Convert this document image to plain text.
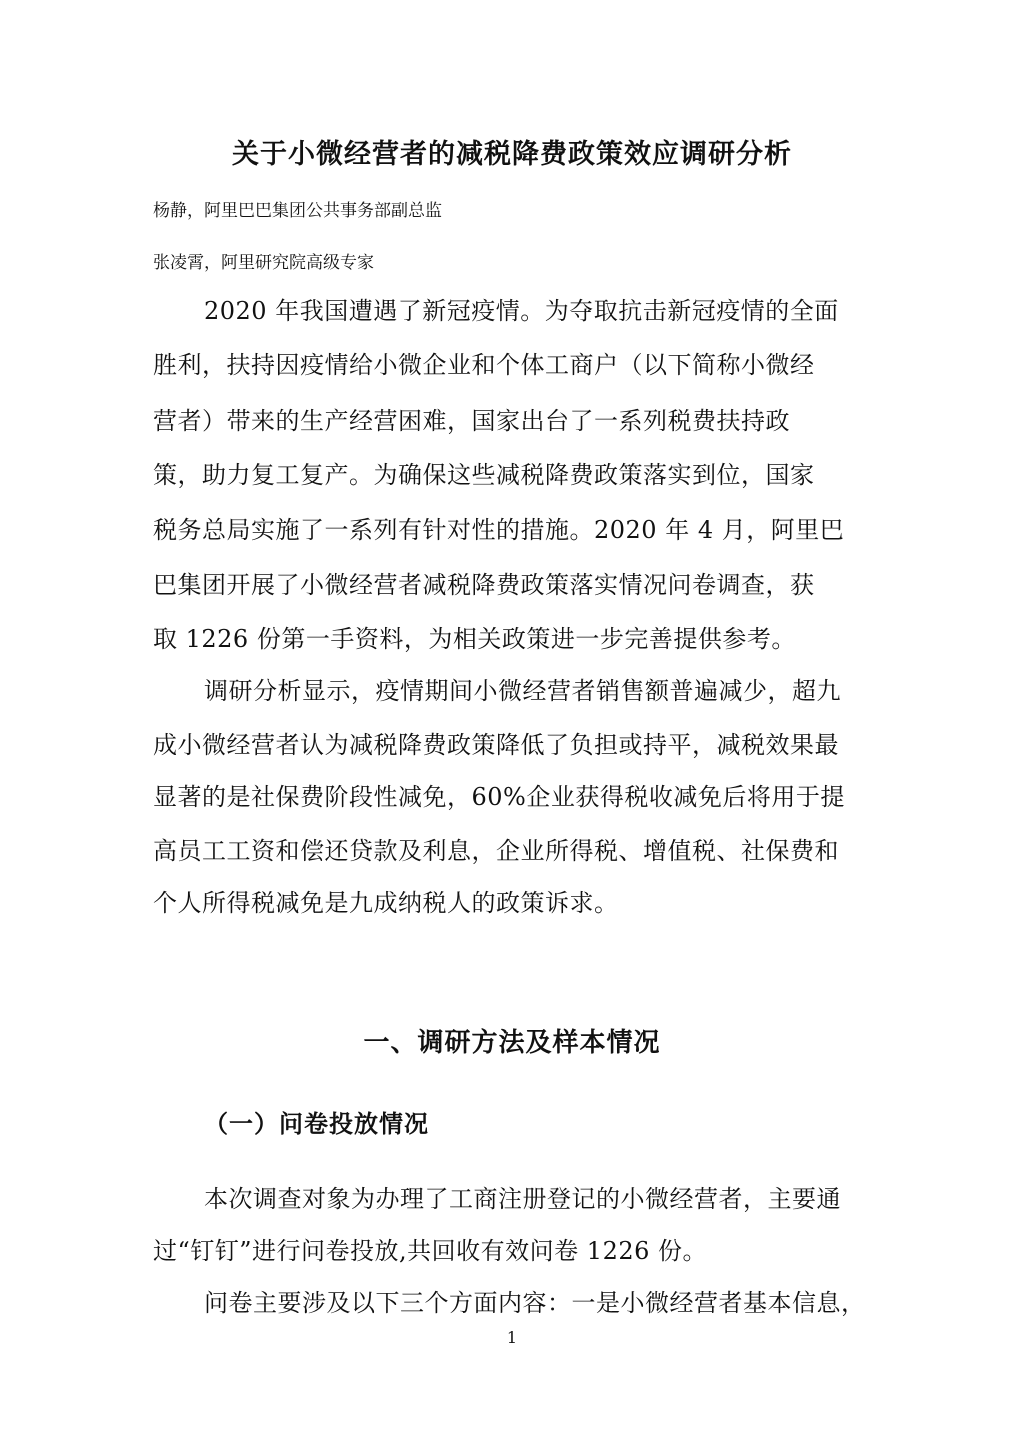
关于小微经营者的减税降费政策效应调研分析
杨静，阿里巴巴集团公共事务部副总监
张凌霄，阿里研究院高级专家
2020 年我国遭遇了新冠疫情。为夺取抗击新冠疫情的全面
胜利，扶持因疫情给小微企业和个体工商户（以下简称小微经
营者）带来的生产经营困难，国家出台了一系列税费扶持政
策，助力复工复产。为确保这些减税降费政策落实到位，国家
税务总局实施了一系列有针对性的措施。2020 年 4 月，阿里巴
巴集团开展了小微经营者减税降费政策落实情况问卷调查，获
取 1226 份第一手资料，为相关政策进一步完善提供参考。
调研分析显示，疫情期间小微经营者销售额普遍减少，超九
成小微经营者认为减税降费政策降低了负担或持平，减税效果最
显著的是社保费阶段性减免，60%企业获得税收减免后将用于提
高员工工资和偿还贷款及利息，企业所得税、增值税、社保费和
个人所得税减免是九成纳税人的政策诉求。
一、调研方法及样本情况
（一）问卷投放情况
本次调查对象为办理了工商注册登记的小微经营者，主要通
过“钉钉”进行问卷投放,共回收有效问卷 1226 份。
问卷主要涉及以下三个方面内容：一是小微经营者基本信息，
1
